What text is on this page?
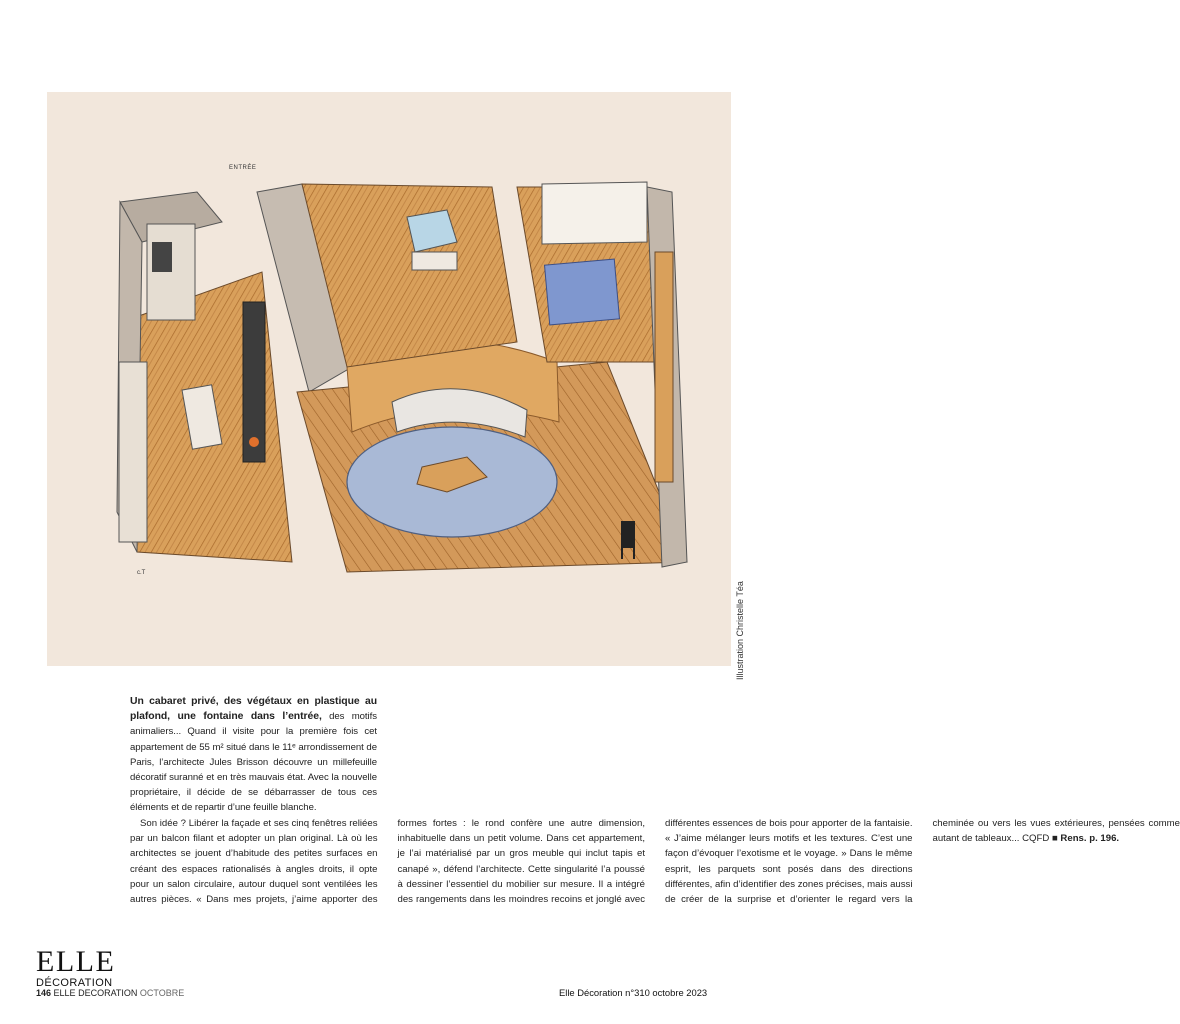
ENTRÉE
c.T
Illustration Christelle Téa

Un cabaret privé, des végétaux en plastique au plafond, une fontaine dans l’entrée, des motifs animaliers... Quand il visite pour la première fois cet appartement de 55 m² situé dans le 11ᵉ arrondissement de Paris, l’architecte Jules Brisson découvre un millefeuille décoratif suranné et en très mauvais état. Avec la nouvelle propriétaire, il décide de se débarrasser de tous ces éléments et de repartir d’une feuille blanche.

Son idée ? Libérer la façade et ses cinq fenêtres reliées par un balcon filant et adopter un plan original. Là où les architectes se jouent d’habitude des petites surfaces en créant des espaces rationalisés à angles droits, il opte pour un salon circulaire, autour duquel sont ventilées les autres pièces. « Dans mes projets, j’aime apporter des formes fortes : le rond confère une autre dimension, inhabituelle dans un petit volume. Dans cet appartement, je l’ai matérialisé par un gros meuble qui inclut tapis et canapé », défend l’architecte. Cette singularité l’a poussé à dessiner l’essentiel du mobilier sur mesure. Il a intégré des rangements dans les moindres recoins et jonglé avec différentes essences de bois pour apporter de la fantaisie. « J’aime mélanger leurs motifs et les textures. C’est une façon d’évoquer l’exotisme et le voyage. » Dans le même esprit, les parquets sont posés dans des directions différentes, afin d’identifier des zones précises, mais aussi de créer de la surprise et d’orienter le regard vers la cheminée ou vers les vues extérieures, pensées comme autant de tableaux... CQFD ■ Rens. p. 196.
ELLE
DÉCORATION
146 ELLE DECORATION OCTOBRE	Elle Décoration n°310 octobre 2023
